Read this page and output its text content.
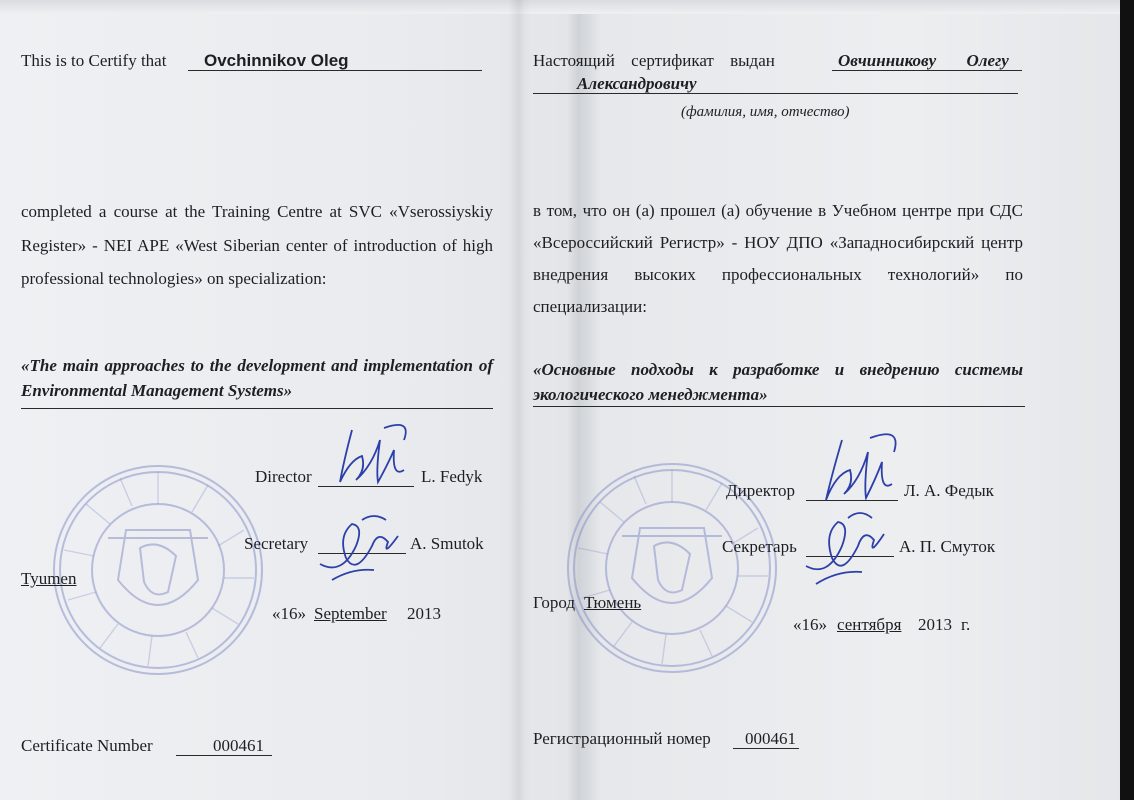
This is to Certify that Ovchinnikov Oleg
completed a course at the Training Centre at SVC «Vserossiyskiy Register» - NEI APE «West Siberian center of introduction of high professional technologies» on specialization:
«The main approaches to the development and implementation of Environmental Management Systems»
Director	L. Fedyk
Secretary	A. Smutok
Tyumen
«16» September 2013
Certificate Number	000461
Настоящий сертификат выдан	Овчинникову Олегу
Александровичу
(фамилия, имя, отчество)
в том, что он (а) прошел (а) обучение в Учебном центре при СДС «Всероссийский Регистр» - НОУ ДПО «Западносибирский центр внедрения высоких профессиональных технологий» по специализации:
«Основные подходы к разработке и внедрению системы экологического менеджмента»
Директор	Л. А. Федык
Секретарь	А. П. Смуток
Город Тюмень
«16» сентября 2013 г.
Регистрационный номер 000461
